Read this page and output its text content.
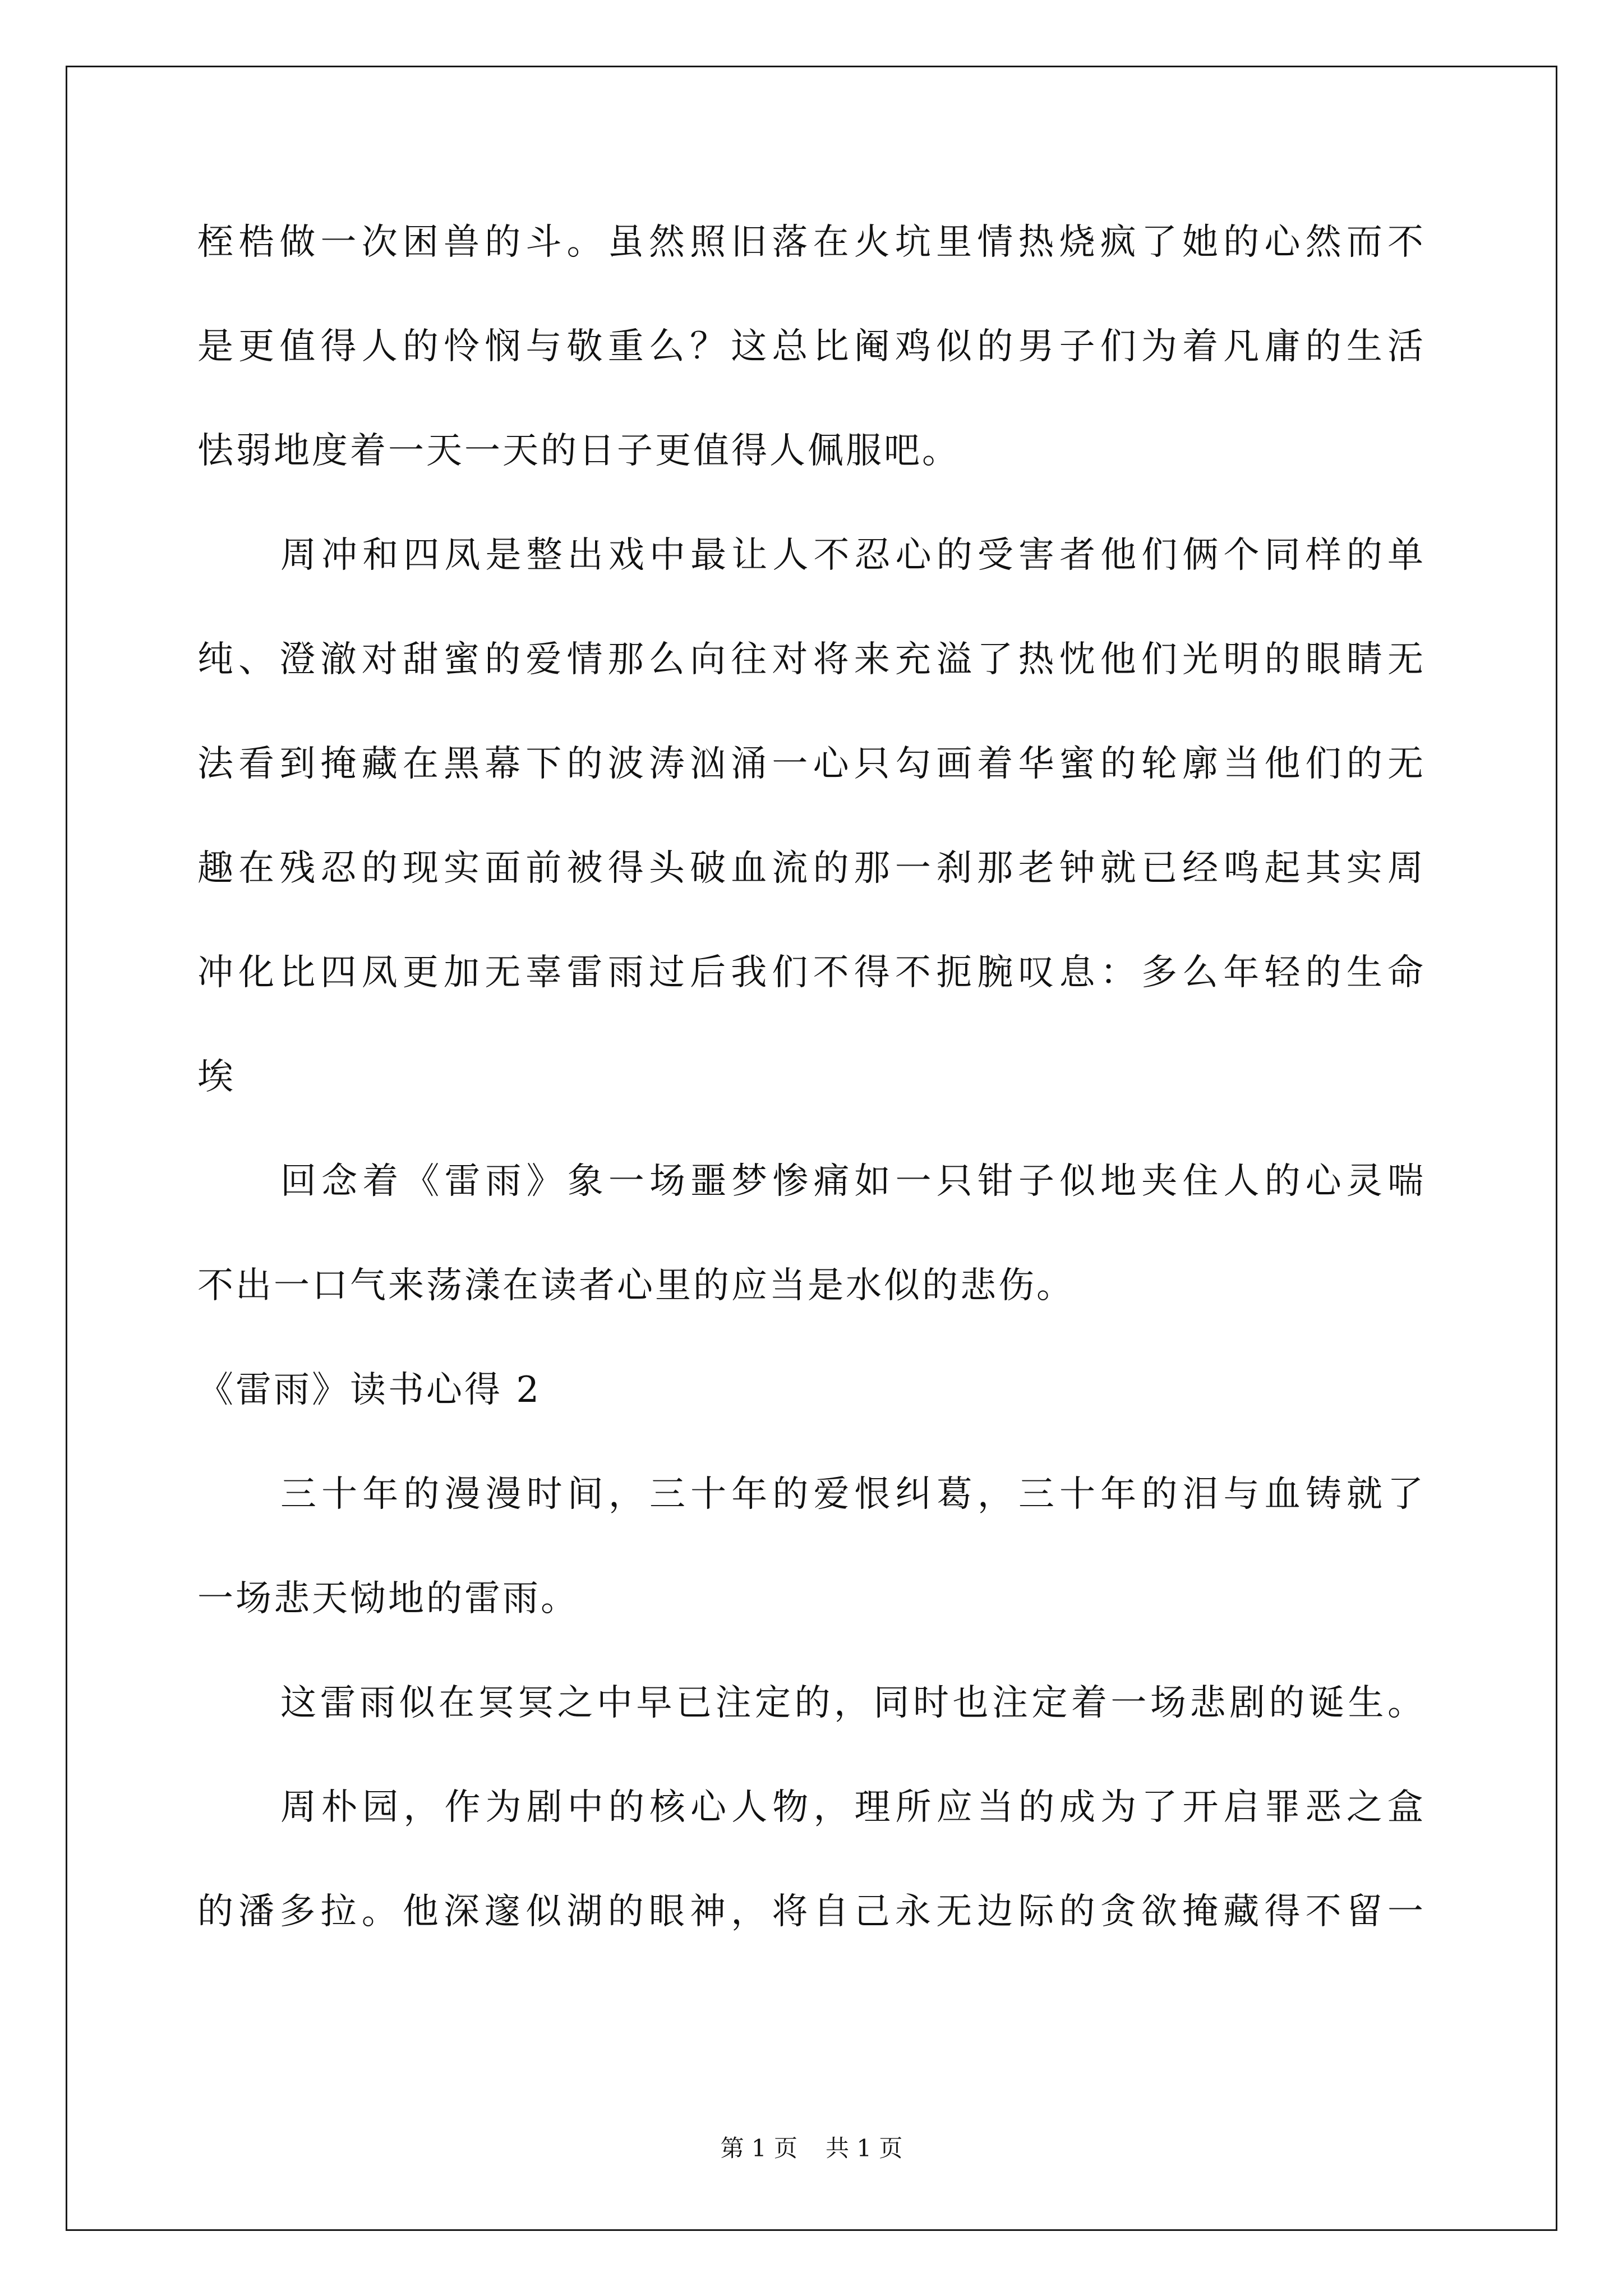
桎梏做一次困兽的斗。虽然照旧落在火坑里情热烧疯了她的心然而不
是更值得人的怜悯与敬重么？这总比阉鸡似的男子们为着凡庸的生活
怯弱地度着一天一天的日子更值得人佩服吧。
周冲和四凤是整出戏中最让人不忍心的受害者他们俩个同样的单
纯、澄澈对甜蜜的爱情那么向往对将来充溢了热忱他们光明的眼睛无
法看到掩藏在黑幕下的波涛汹涌一心只勾画着华蜜的轮廓当他们的无
趣在残忍的现实面前被得头破血流的那一刹那老钟就已经鸣起其实周
冲化比四凤更加无辜雷雨过后我们不得不扼腕叹息：多么年轻的生命
埃
回念着《雷雨》象一场噩梦惨痛如一只钳子似地夹住人的心灵喘
不出一口气来荡漾在读者心里的应当是水似的悲伤。
《雷雨》读书心得 2
三十年的漫漫时间，三十年的爱恨纠葛，三十年的泪与血铸就了
一场悲天恸地的雷雨。
这雷雨似在冥冥之中早已注定的，同时也注定着一场悲剧的诞生。
周朴园，作为剧中的核心人物，理所应当的成为了开启罪恶之盒
的潘多拉。他深邃似湖的眼神，将自己永无边际的贪欲掩藏得不留一
第 1 页 共 1 页
